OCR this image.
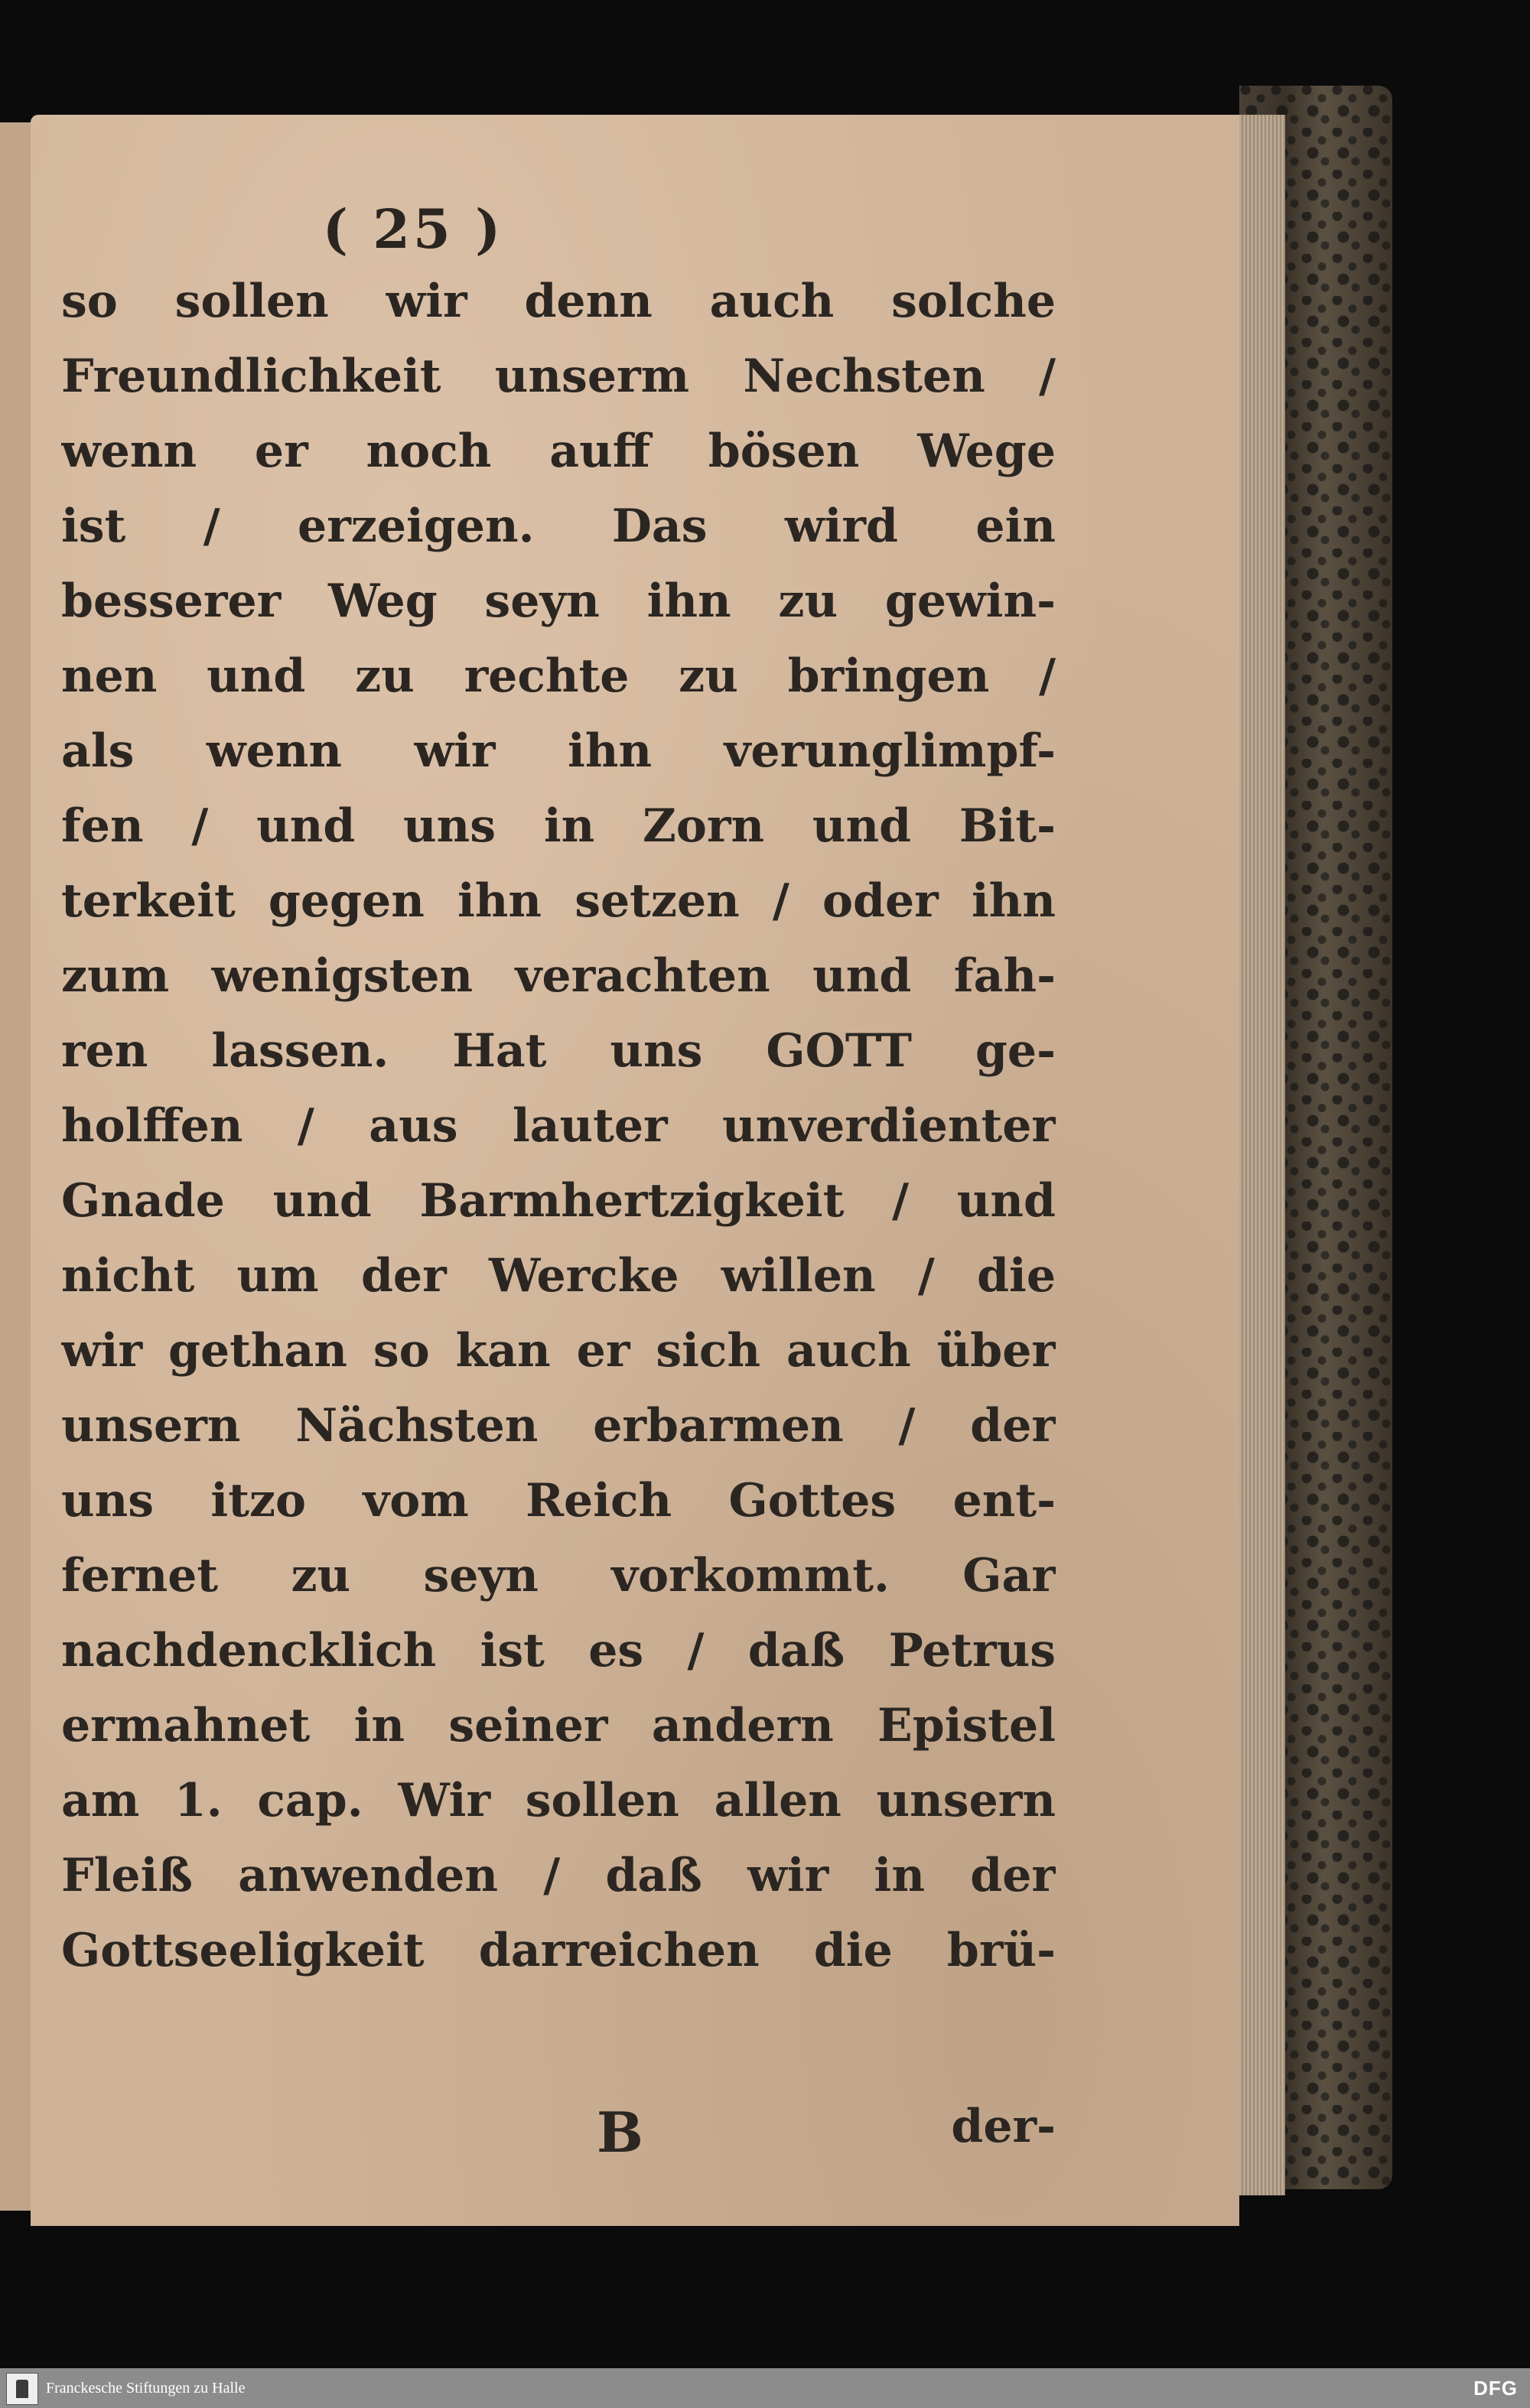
( 25 )
so sollen wir denn auch solche
Freundlichkeit unserm Nechsten /
wenn er noch auff bösen Wege
ist / erzeigen. Das wird ein
besserer Weg seyn ihn zu gewin-
nen und zu rechte zu bringen /
als wenn wir ihn verunglimpf-
fen / und uns in Zorn und Bit-
terkeit gegen ihn setzen / oder ihn
zum wenigsten verachten und fah-
ren lassen. Hat uns GOTT ge-
holffen / aus lauter unverdienter
Gnade und Barmhertzigkeit / und
nicht um der Wercke willen / die
wir gethan so kan er sich auch über
unsern Nächsten erbarmen / der
uns itzo vom Reich Gottes ent-
fernet zu seyn vorkommt. Gar
nachdencklich ist es / daß Petrus
ermahnet in seiner andern Epistel
am 1. cap. Wir sollen allen unsern
Fleiß anwenden / daß wir in der
Gottseeligkeit darreichen die brü-
B	der-
Franckesche Stiftungen zu Halle	DFG
